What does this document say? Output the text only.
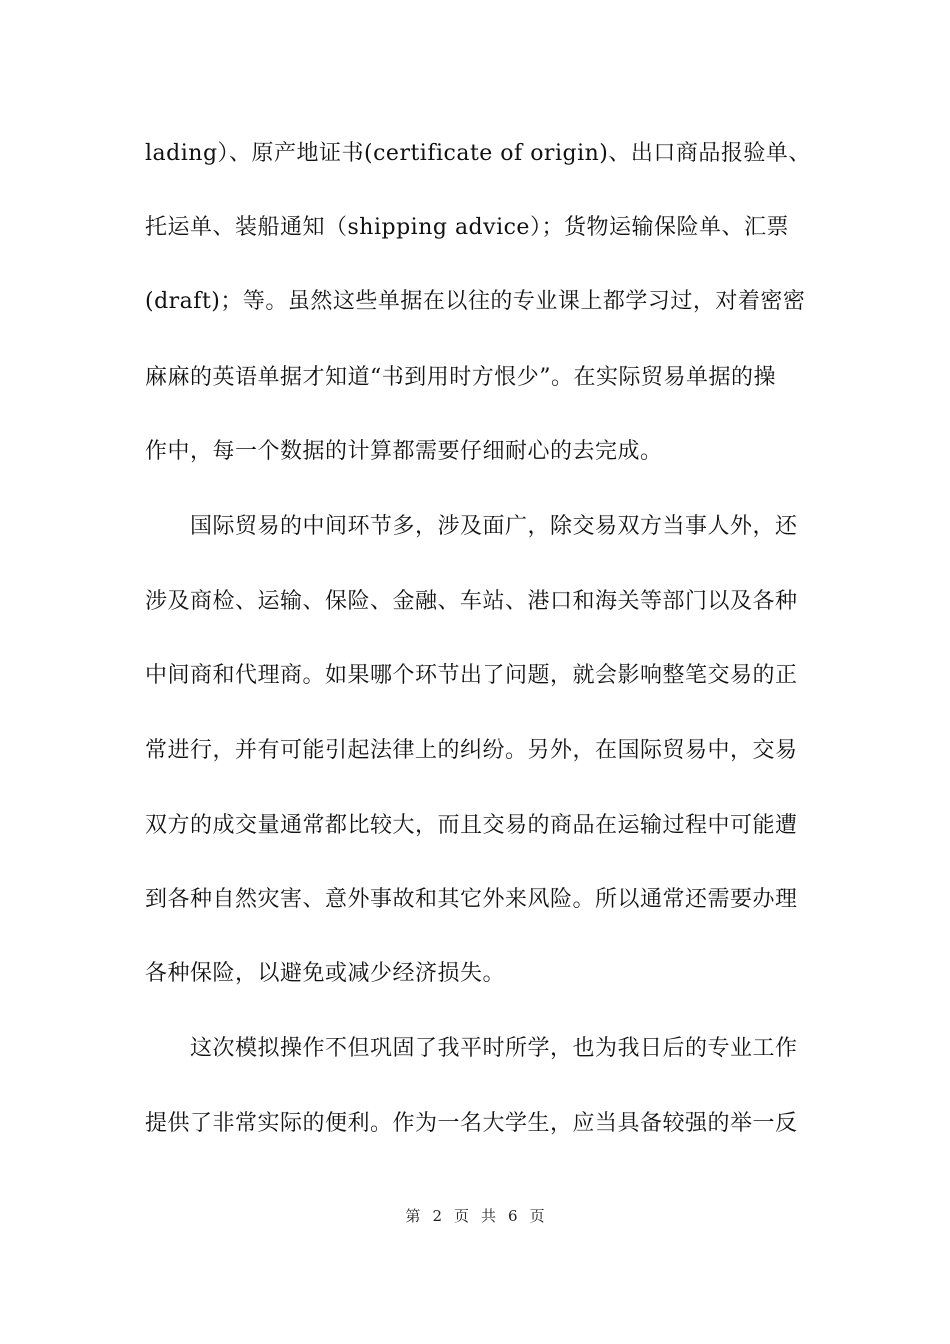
lading）、原产地证书(certificate of origin)、出口商品报验单、
托运单、装船通知（shipping advice）；货物运输保险单、汇票
(draft)；等。虽然这些单据在以往的专业课上都学习过，对着密密
麻麻的英语单据才知道“书到用时方恨少”。在实际贸易单据的操
作中，每一个数据的计算都需要仔细耐心的去完成。
国际贸易的中间环节多，涉及面广，除交易双方当事人外，还
涉及商检、运输、保险、金融、车站、港口和海关等部门以及各种
中间商和代理商。如果哪个环节出了问题，就会影响整笔交易的正
常进行，并有可能引起法律上的纠纷。另外，在国际贸易中，交易
双方的成交量通常都比较大，而且交易的商品在运输过程中可能遭
到各种自然灾害、意外事故和其它外来风险。所以通常还需要办理
各种保险，以避免或减少经济损失。
这次模拟操作不但巩固了我平时所学，也为我日后的专业工作
提供了非常实际的便利。作为一名大学生，应当具备较强的举一反
第 2 页 共 6 页
